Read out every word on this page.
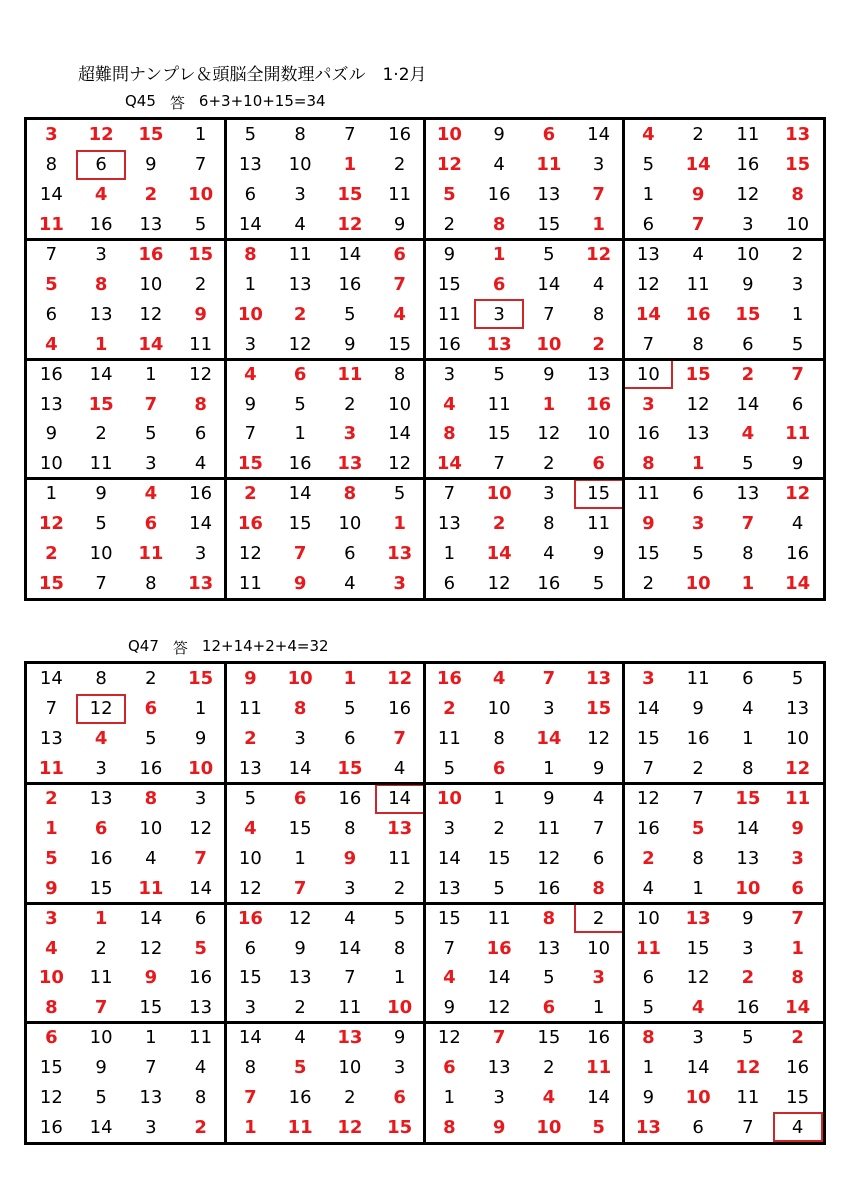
超難問ナンプレ＆頭脳全開数理パズル　1·2月
Q45 答 6+3+10+15=34
3	12	15	1	5	8	7	16	10	9	6	14	4	2	11	13
8	6	9	7	13	10	1	2	12	4	11	3	5	14	16	15
14	4	2	10	6	3	15	11	5	16	13	7	1	9	12	8
11	16	13	5	14	4	12	9	2	8	15	1	6	7	3	10
7	3	16	15	8	11	14	6	9	1	5	12	13	4	10	2
5	8	10	2	1	13	16	7	15	6	14	4	12	11	9	3
6	13	12	9	10	2	5	4	11	3	7	8	14	16	15	1
4	1	14	11	3	12	9	15	16	13	10	2	7	8	6	5
16	14	1	12	4	6	11	8	3	5	9	13	10	15	2	7
13	15	7	8	9	5	2	10	4	11	1	16	3	12	14	6
9	2	5	6	7	1	3	14	8	15	12	10	16	13	4	11
10	11	3	4	15	16	13	12	14	7	2	6	8	1	5	9
1	9	4	16	2	14	8	5	7	10	3	15	11	6	13	12
12	5	6	14	16	15	10	1	13	2	8	11	9	3	7	4
2	10	11	3	12	7	6	13	1	14	4	9	15	5	8	16
15	7	8	13	11	9	4	3	6	12	16	5	2	10	1	14
Q47 答 12+14+2+4=32
14	8	2	15	9	10	1	12	16	4	7	13	3	11	6	5
7	12	6	1	11	8	5	16	2	10	3	15	14	9	4	13
13	4	5	9	2	3	6	7	11	8	14	12	15	16	1	10
11	3	16	10	13	14	15	4	5	6	1	9	7	2	8	12
2	13	8	3	5	6	16	14	10	1	9	4	12	7	15	11
1	6	10	12	4	15	8	13	3	2	11	7	16	5	14	9
5	16	4	7	10	1	9	11	14	15	12	6	2	8	13	3
9	15	11	14	12	7	3	2	13	5	16	8	4	1	10	6
3	1	14	6	16	12	4	5	15	11	8	2	10	13	9	7
4	2	12	5	6	9	14	8	7	16	13	10	11	15	3	1
10	11	9	16	15	13	7	1	4	14	5	3	6	12	2	8
8	7	15	13	3	2	11	10	9	12	6	1	5	4	16	14
6	10	1	11	14	4	13	9	12	7	15	16	8	3	5	2
15	9	7	4	8	5	10	3	6	13	2	11	1	14	12	16
12	5	13	8	7	16	2	6	1	3	4	14	9	10	11	15
16	14	3	2	1	11	12	15	8	9	10	5	13	6	7	4
